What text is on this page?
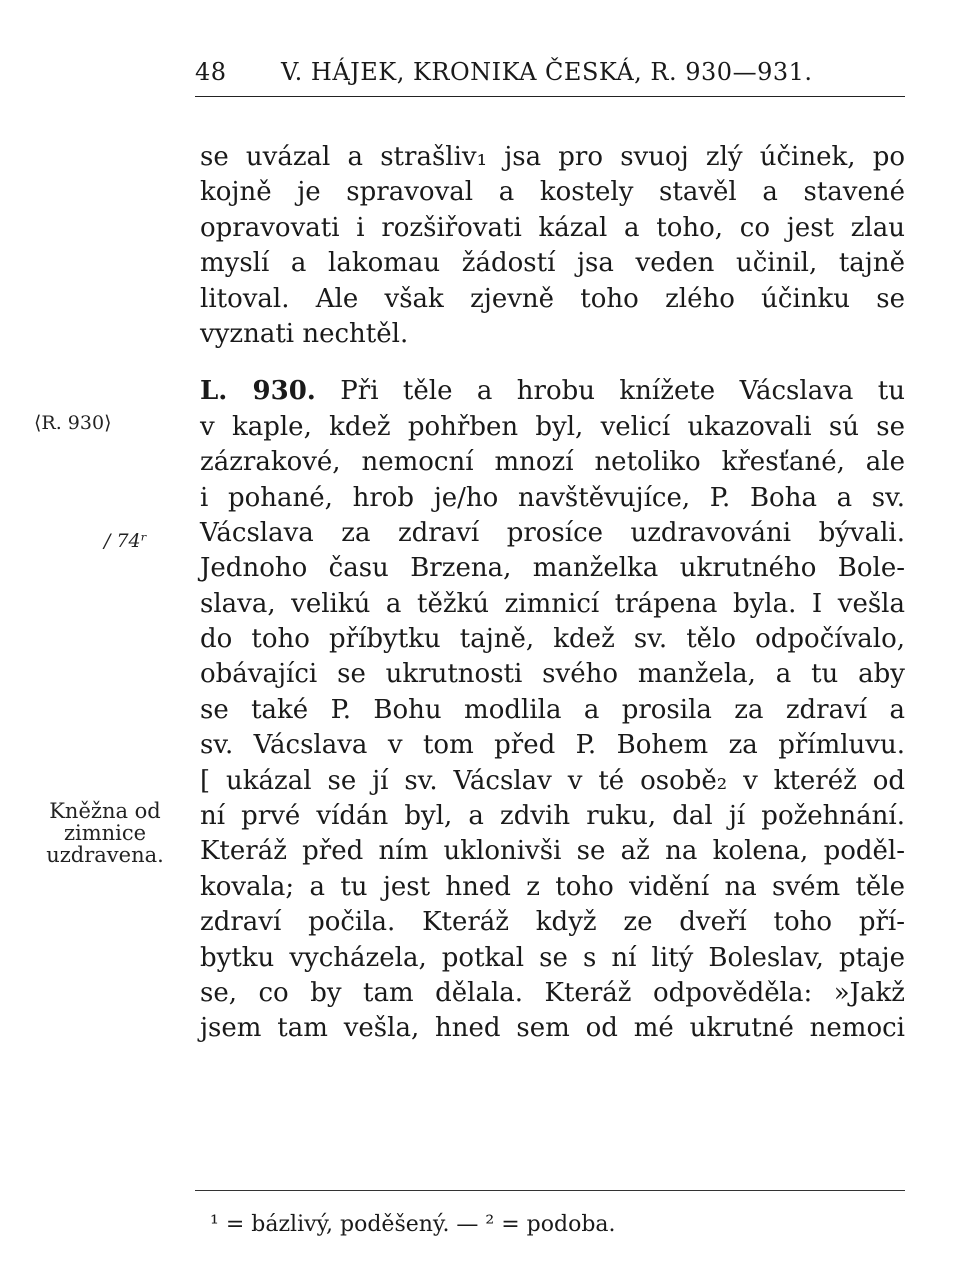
48 V. HÁJEK, KRONIKA ČESKÁ, R. 930—931.
⟨R. 930⟩
/ 74ʳ
Kněžna od
zimnice
uzdravena.
se uvázal a strašliv₁ jsa pro svuoj zlý účinek, po
kojně je spravoval a kostely stavěl a stavené
opravovati i rozšiřovati kázal a toho, co jest zlau
myslí a lakomau žádostí jsa veden učinil, tajně
litoval. Ale však zjevně toho zlého účinku se
vyznati nechtěl.
L. 930. Při těle a hrobu knížete Vácslava tu
v kaple, kdež pohřben byl, velicí ukazovali sú se
zázrakové, nemocní mnozí netoliko křesťané, ale
i pohané, hrob je/ho navštěvujíce, P. Boha a sv.
Vácslava za zdraví prosíce uzdravováni bývali.
Jednoho času Brzena, manželka ukrutného Bole-
slava, velikú a těžkú zimnicí trápena byla. I vešla
do toho příbytku tajně, kdež sv. tělo odpočívalo,
obávajíci se ukrutnosti svého manžela, a tu aby
se také P. Bohu modlila a prosila za zdraví a
sv. Vácslava v tom před P. Bohem za přímluvu.
[ ukázal se jí sv. Vácslav v té osobě₂ v kteréž od
ní prvé vídán byl, a zdvih ruku, dal jí požehnání.
Kteráž před ním uklonivši se až na kolena, poděl-
kovala; a tu jest hned z toho vidění na svém těle
zdraví počila. Kteráž když ze dveří toho pří-
bytku vycházela, potkal se s ní litý Boleslav, ptaje
se, co by tam dělala. Kteráž odpověděla: »Jakž
jsem tam vešla, hned sem od mé ukrutné nemoci
¹ = bázlivý, poděšený. — ² = podoba.
